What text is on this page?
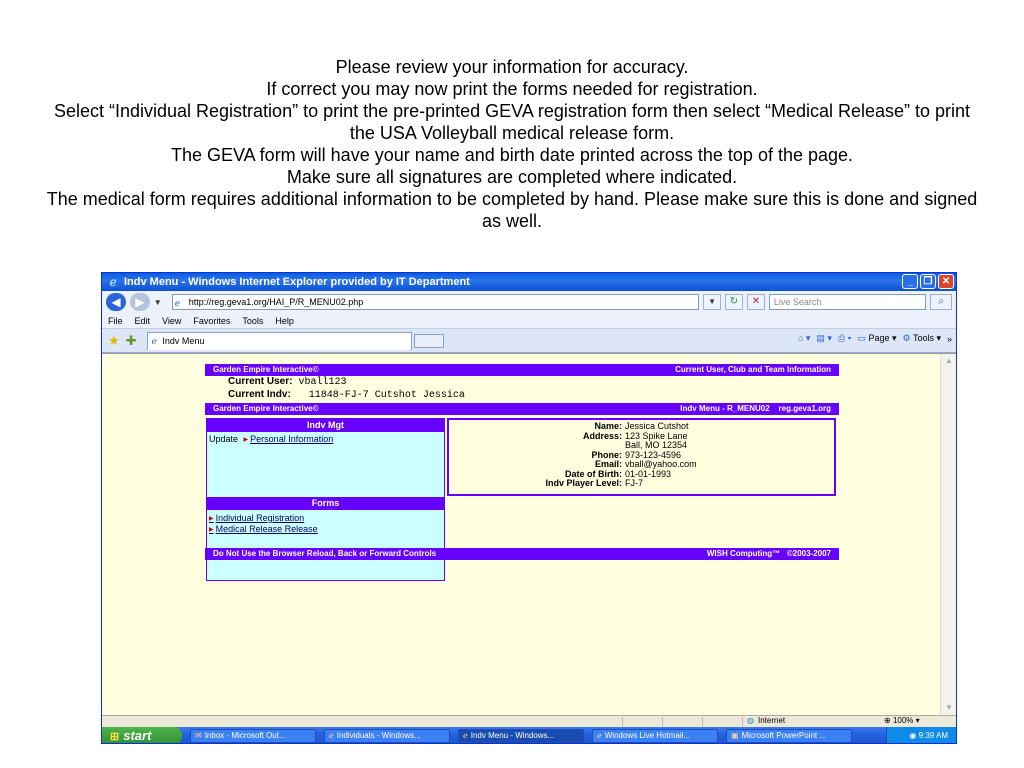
Please review your information for accuracy.

If correct you may now print the forms needed for registration.

Select “Individual Registration” to print the pre-printed GEVA registration form then select “Medical Release” to print the USA Volleyball medical release form.

The GEVA form will have your name and birth date printed across the top of the page.

Make sure all signatures are completed where indicated.

The medical form requires additional information to be completed by hand. Please make sure this is done and signed as well.

ℯ Indv Menu - Windows Internet Explorer provided by IT Department	_	❐ ✕
◀	▶	▼ ℯ http://reg.geva1.org/HAI_P/R_MENU02.php	▼	↻	✕	Live Search	⌕
File Edit View Favorites Tools Help
★ ✚	ℯ Indv Menu	⌂ ▾ ▤ ▾ ⎙ ▾ ▭ Page ▾ ⚙ Tools ▾ »
Garden Empire Interactive©	Current User, Club and Team Information
Current User: vball123
Current Indv: 11848-FJ-7 Cutshot Jessica
Garden Empire Interactive©	Indv Menu - R_MENU02    reg.geva1.org
Indv Mgt
Update ▶ Personal Information
Forms
▶ Individual Registration
▶ Medical Release Release
Name:	Jessica Cutshot
Address:	123 Spike Lane
	Ball, MO 12354
Phone:	973-123-4596
Email:	vball@yahoo.com
Date of Birth:	01-01-1993
Indv Player Level:	FJ-7
Do Not Use the Browser Reload, Back or Forward Controls	WISH Computing™   ©2003-2007
▲
▼
◍ Internet	⊕ 100% ▾
⊞ start	✉ Inbox - Microsoft Out...	ℯ Individuals - Windows...	ℯ Indv Menu - Windows...	ℯ Windows Live Hotmail...	▣ Microsoft PowerPoint ...	◉ 9:39 AM
